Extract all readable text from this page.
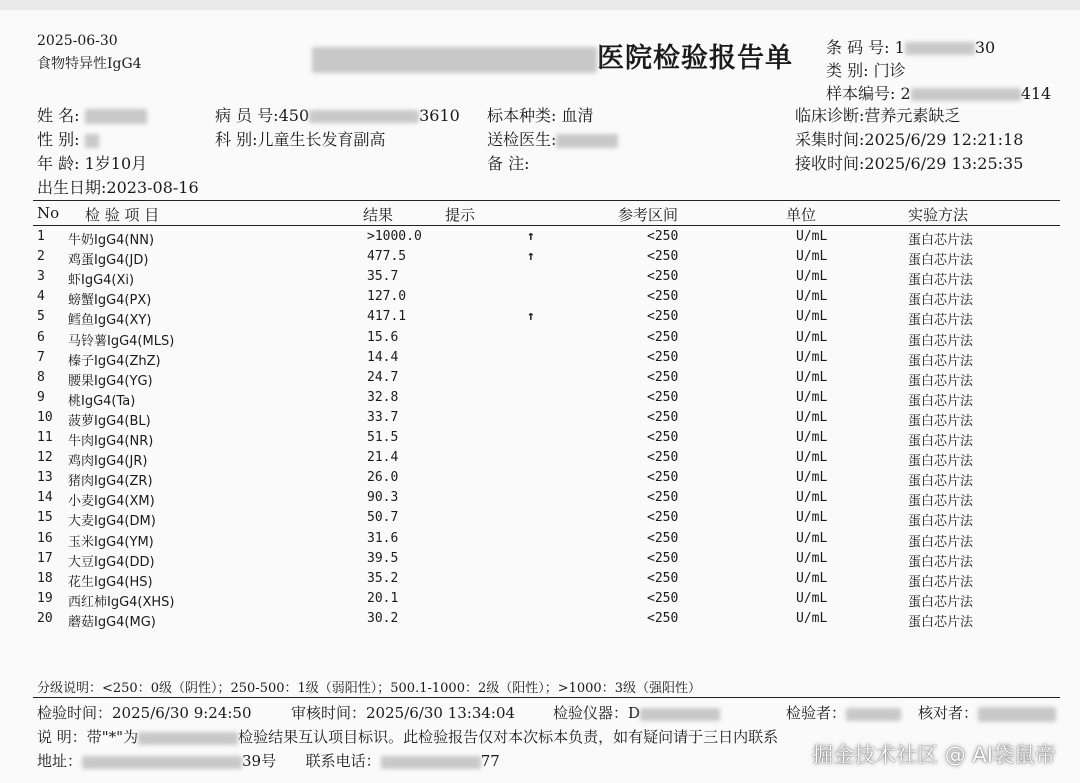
2025-06-30
食物特异性IgG4	医院检验报告单 条 码 号: 1	30
类 别: 门诊
样本编号: 2	414
姓 名:
性 别:
年 龄: 1岁10月
出生日期:2023-08-16
病 员 号:450	3610
科 别:儿童生长发育副高
标本种类: 血清
送检医生:
备 注:
临床诊断:营养元素缺乏
采集时间:2025/6/29 12:21:18
接收时间:2025/6/29 13:25:35
No 检 验 项 目	结果	提示	参考区间	单位	实验方法
1 牛奶IgG4(NN)	>1000.0	↑	<250	U/mL	蛋白芯片法
2 鸡蛋IgG4(JD)	477.5	↑	<250	U/mL	蛋白芯片法
3 虾IgG4(Xi)	35.7	<250	U/mL	蛋白芯片法
4 螃蟹IgG4(PX)	127.0	<250	U/mL	蛋白芯片法
5 鳕鱼IgG4(XY)	417.1	↑	<250	U/mL	蛋白芯片法
6 马铃薯IgG4(MLS)	15.6	<250	U/mL	蛋白芯片法
7 榛子IgG4(ZhZ)	14.4	<250	U/mL	蛋白芯片法
8 腰果IgG4(YG)	24.7	<250	U/mL	蛋白芯片法
9 桃IgG4(Ta)	32.8	<250	U/mL	蛋白芯片法
10 菠萝IgG4(BL)	33.7	<250	U/mL	蛋白芯片法
11 牛肉IgG4(NR)	51.5	<250	U/mL	蛋白芯片法
12 鸡肉IgG4(JR)	21.4	<250	U/mL	蛋白芯片法
13 猪肉IgG4(ZR)	26.0	<250	U/mL	蛋白芯片法
14 小麦IgG4(XM)	90.3	<250	U/mL	蛋白芯片法
15 大麦IgG4(DM)	50.7	<250	U/mL	蛋白芯片法
16 玉米IgG4(YM)	31.6	<250	U/mL	蛋白芯片法
17 大豆IgG4(DD)	39.5	<250	U/mL	蛋白芯片法
18 花生IgG4(HS)	35.2	<250	U/mL	蛋白芯片法
19 西红柿IgG4(XHS)	20.1	<250	U/mL	蛋白芯片法
20 蘑菇IgG4(MG)	30.2	<250	U/mL	蛋白芯片法
分级说明：<250：0级（阴性）；250-500：1级（弱阳性）；500.1-1000：2级（阳性）；>1000：3级（强阳性）
检验时间：2025/6/30 9:24:50	审核时间：2025/6/30 13:34:04	检验仪器：D	检验者：	核对者：
说 明：带"*"为	检验结果互认项目标识。此检验报告仅对本次标本负责，如有疑问请于三日内联系
地址：	39号 联系电话：	77	掘金技术社区 @ AI袋鼠帝
